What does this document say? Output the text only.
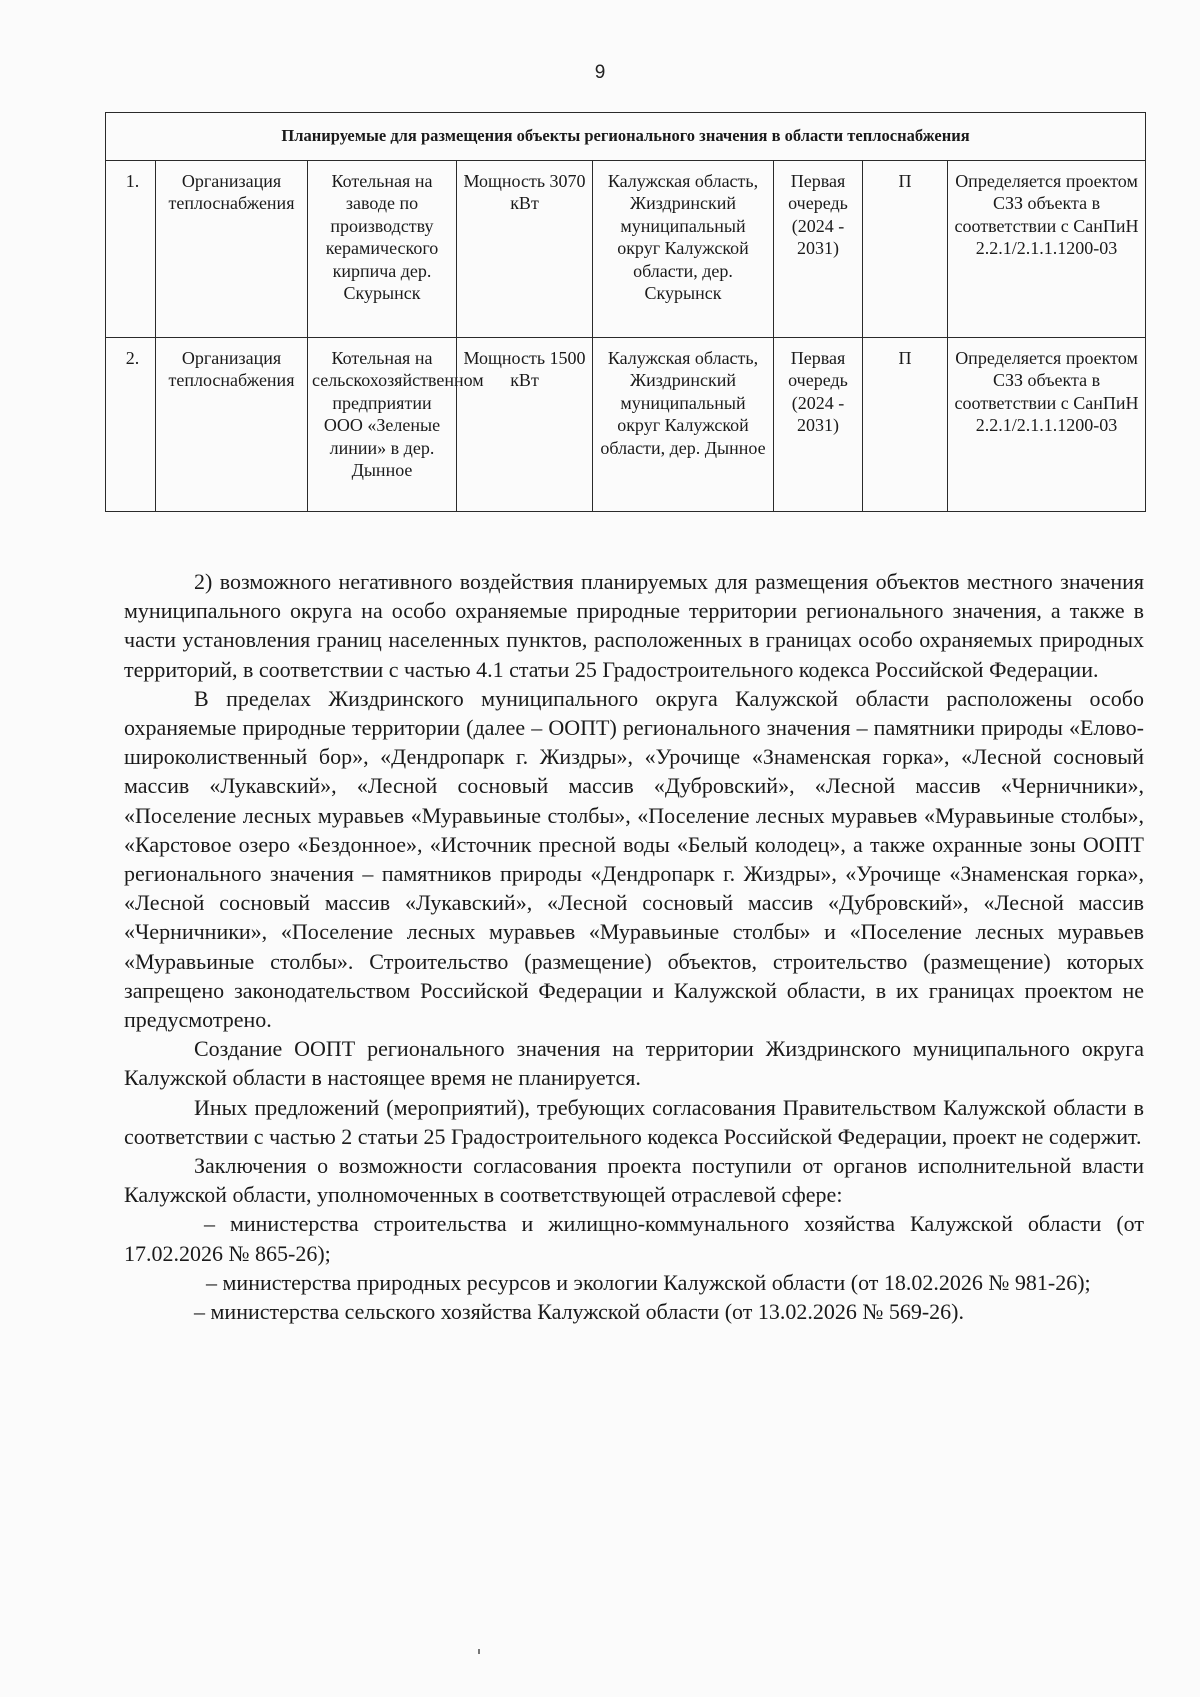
9
Планируемые для размещения объекты регионального значения в области теплоснабжения							
1.	Организация теплоснабжения	Котельная на заводе по производству керамического кирпича дер. Скурынск	Мощность 3070 кВт	Калужская область, Жиздринский муниципальный округ Калужской области, дер. Скурынск	Первая очередь (2024 - 2031)	П	Определяется проектом СЗЗ объекта в соответствии с СанПиН 2.2.1/2.1.1.1200-03
2.	Организация теплоснабжения	Котельная на сельскохозяйственном предприятии ООО «Зеленые линии» в дер. Дынное	Мощность 1500 кВт	Калужская область, Жиздринский муниципальный округ Калужской области, дер. Дынное	Первая очередь (2024 - 2031)	П	Определяется проектом СЗЗ объекта в соответствии с СанПиН 2.2.1/2.1.1.1200-03

2) возможного негативного воздействия планируемых для размещения объектов местного значения муниципального округа на особо охраняемые природные территории регионального значения, а также в части установления границ населенных пунктов, расположенных в границах особо охраняемых природных территорий, в соответствии с частью 4.1 статьи 25 Градостроительного кодекса Российской Федерации.

В пределах Жиздринского муниципального округа Калужской области расположены особо охраняемые природные территории (далее – ООПТ) регионального значения – памятники природы «Елово-широколиственный бор», «Дендропарк г. Жиздры», «Урочище «Знаменская горка», «Лесной сосновый массив «Лукавский», «Лесной сосновый массив «Дубровский», «Лесной массив «Черничники», «Поселение лесных муравьев «Муравьиные столбы», «Поселение лесных муравьев «Муравьиные столбы», «Карстовое озеро «Бездонное», «Источник пресной воды «Белый колодец», а также охранные зоны ООПТ регионального значения – памятников природы «Дендропарк г. Жиздры», «Урочище «Знаменская горка», «Лесной сосновый массив «Лукавский», «Лесной сосновый массив «Дубровский», «Лесной массив «Черничники», «Поселение лесных муравьев «Муравьиные столбы» и «Поселение лесных муравьев «Муравьиные столбы». Строительство (размещение) объектов, строительство (размещение) которых запрещено законодательством Российской Федерации и Калужской области, в их границах проектом не предусмотрено.

Создание ООПТ регионального значения на территории Жиздринского муниципального округа Калужской области в настоящее время не планируется.

Иных предложений (мероприятий), требующих согласования Правительством Калужской области в соответствии с частью 2 статьи 25 Градостроительного кодекса Российской Федерации, проект не содержит.

Заключения о возможности согласования проекта поступили от органов исполнительной власти Калужской области, уполномоченных в соответствующей отраслевой сфере:

– министерства строительства и жилищно-коммунального хозяйства Калужской области (от 17.02.2026 № 865-26);

– министерства природных ресурсов и экологии Калужской области (от 18.02.2026 № 981-26);

– министерства сельского хозяйства Калужской области (от 13.02.2026 № 569-26).
